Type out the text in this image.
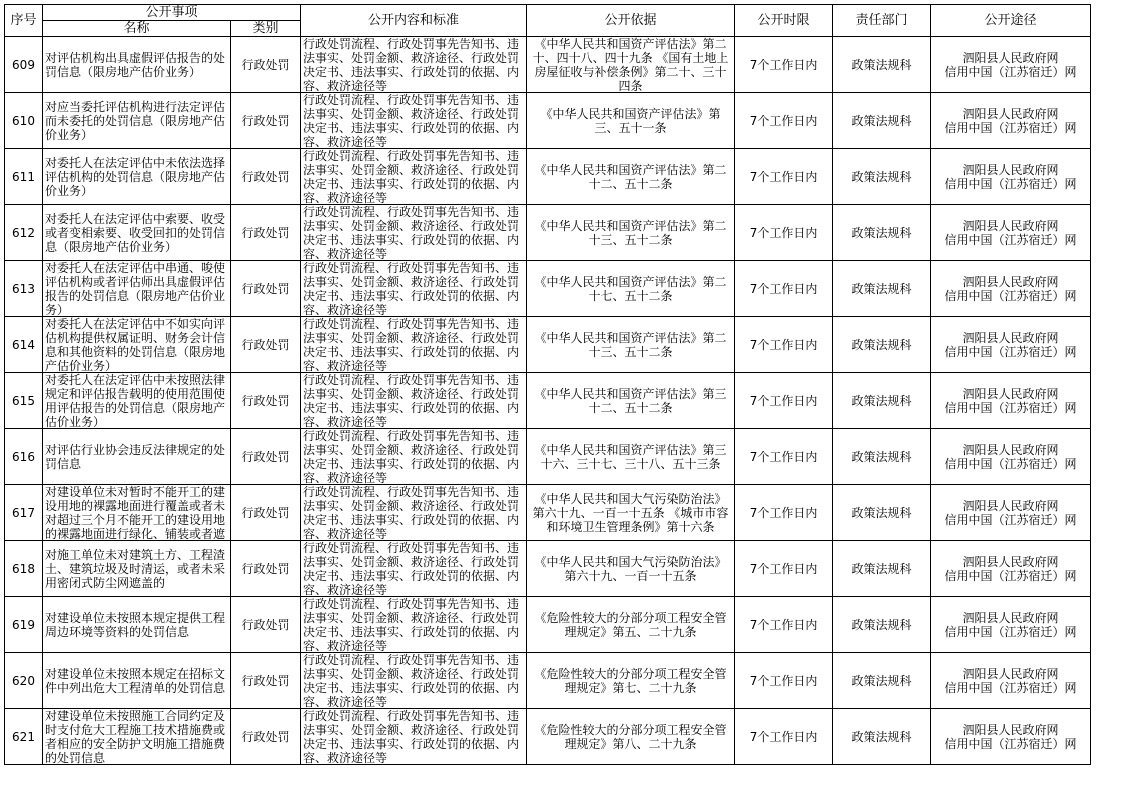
序号	公开事项		公开内容和标准	公开依据	公开时限	责任部门	公开途径
	名称	类别					
609	对评估机构出具虚假评估报告的处罚信息（限房地产估价业务）	行政处罚	行政处罚流程、行政处罚事先告知书、违法事实、处罚金额、救济途径、行政处罚决定书、违法事实、行政处罚的依据、内容、救济途径等	《中华人民共和国资产评估法》第二十、四十八、四十九条 《国有土地上房屋征收与补偿条例》第二十、三十四条	7个工作日内	政策法规科	泗阳县人民政府网
信用中国（江苏宿迁）网

610	对应当委托评估机构进行法定评估而未委托的处罚信息（限房地产估价业务）	行政处罚	行政处罚流程、行政处罚事先告知书、违法事实、处罚金额、救济途径、行政处罚决定书、违法事实、行政处罚的依据、内容、救济途径等	《中华人民共和国资产评估法》第三、五十一条	7个工作日内	政策法规科	泗阳县人民政府网
信用中国（江苏宿迁）网

611	对委托人在法定评估中未依法选择评估机构的处罚信息（限房地产估价业务）	行政处罚	行政处罚流程、行政处罚事先告知书、违法事实、处罚金额、救济途径、行政处罚决定书、违法事实、行政处罚的依据、内容、救济途径等	《中华人民共和国资产评估法》第二十二、五十二条	7个工作日内	政策法规科	泗阳县人民政府网
信用中国（江苏宿迁）网

612	对委托人在法定评估中索要、收受或者变相索要、收受回扣的处罚信息（限房地产估价业务）	行政处罚	行政处罚流程、行政处罚事先告知书、违法事实、处罚金额、救济途径、行政处罚决定书、违法事实、行政处罚的依据、内容、救济途径等	《中华人民共和国资产评估法》第二十三、五十二条	7个工作日内	政策法规科	泗阳县人民政府网
信用中国（江苏宿迁）网

613	对委托人在法定评估中串通、唆使评估机构或者评估师出具虚假评估报告的处罚信息（限房地产估价业务）	行政处罚	行政处罚流程、行政处罚事先告知书、违法事实、处罚金额、救济途径、行政处罚决定书、违法事实、行政处罚的依据、内容、救济途径等	《中华人民共和国资产评估法》第二十七、五十二条	7个工作日内	政策法规科	泗阳县人民政府网
信用中国（江苏宿迁）网

614	对委托人在法定评估中不如实向评估机构提供权属证明、财务会计信息和其他资料的处罚信息（限房地产估价业务）	行政处罚	行政处罚流程、行政处罚事先告知书、违法事实、处罚金额、救济途径、行政处罚决定书、违法事实、行政处罚的依据、内容、救济途径等	《中华人民共和国资产评估法》第二十三、五十二条	7个工作日内	政策法规科	泗阳县人民政府网
信用中国（江苏宿迁）网

615	对委托人在法定评估中未按照法律规定和评估报告载明的使用范围使用评估报告的处罚信息（限房地产估价业务）	行政处罚	行政处罚流程、行政处罚事先告知书、违法事实、处罚金额、救济途径、行政处罚决定书、违法事实、行政处罚的依据、内容、救济途径等	《中华人民共和国资产评估法》第三十二、五十二条	7个工作日内	政策法规科	泗阳县人民政府网
信用中国（江苏宿迁）网

616	对评估行业协会违反法律规定的处罚信息	行政处罚	行政处罚流程、行政处罚事先告知书、违法事实、处罚金额、救济途径、行政处罚决定书、违法事实、行政处罚的依据、内容、救济途径等	《中华人民共和国资产评估法》第三十六、三十七、三十八、五十三条	7个工作日内	政策法规科	泗阳县人民政府网
信用中国（江苏宿迁）网

617	对建设单位未对暂时不能开工的建设用地的裸露地面进行覆盖或者未对超过三个月不能开工的建设用地的裸露地面进行绿化、铺装或者遮	行政处罚	行政处罚流程、行政处罚事先告知书、违法事实、处罚金额、救济途径、行政处罚决定书、违法事实、行政处罚的依据、内容、救济途径等	《中华人民共和国大气污染防治法》第六十九、一百一十五条 《城市市容和环境卫生管理条例》第十六条	7个工作日内	政策法规科	泗阳县人民政府网
信用中国（江苏宿迁）网

618	对施工单位未对建筑土方、工程渣土、建筑垃圾及时清运，或者未采用密闭式防尘网遮盖的	行政处罚	行政处罚流程、行政处罚事先告知书、违法事实、处罚金额、救济途径、行政处罚决定书、违法事实、行政处罚的依据、内容、救济途径等	《中华人民共和国大气污染防治法》第六十九、一百一十五条	7个工作日内	政策法规科	泗阳县人民政府网
信用中国（江苏宿迁）网

619	对建设单位未按照本规定提供工程周边环境等资料的处罚信息	行政处罚	行政处罚流程、行政处罚事先告知书、违法事实、处罚金额、救济途径、行政处罚决定书、违法事实、行政处罚的依据、内容、救济途径等	《危险性较大的分部分项工程安全管理规定》第五、二十九条	7个工作日内	政策法规科	泗阳县人民政府网
信用中国（江苏宿迁）网

620	对建设单位未按照本规定在招标文件中列出危大工程清单的处罚信息	行政处罚	行政处罚流程、行政处罚事先告知书、违法事实、处罚金额、救济途径、行政处罚决定书、违法事实、行政处罚的依据、内容、救济途径等	《危险性较大的分部分项工程安全管理规定》第七、二十九条	7个工作日内	政策法规科	泗阳县人民政府网
信用中国（江苏宿迁）网

621	对建设单位未按照施工合同约定及时支付危大工程施工技术措施费或者相应的安全防护文明施工措施费的处罚信息	行政处罚	行政处罚流程、行政处罚事先告知书、违法事实、处罚金额、救济途径、行政处罚决定书、违法事实、行政处罚的依据、内容、救济途径等	《危险性较大的分部分项工程安全管理规定》第八、二十九条	7个工作日内	政策法规科	泗阳县人民政府网
信用中国（江苏宿迁）网
